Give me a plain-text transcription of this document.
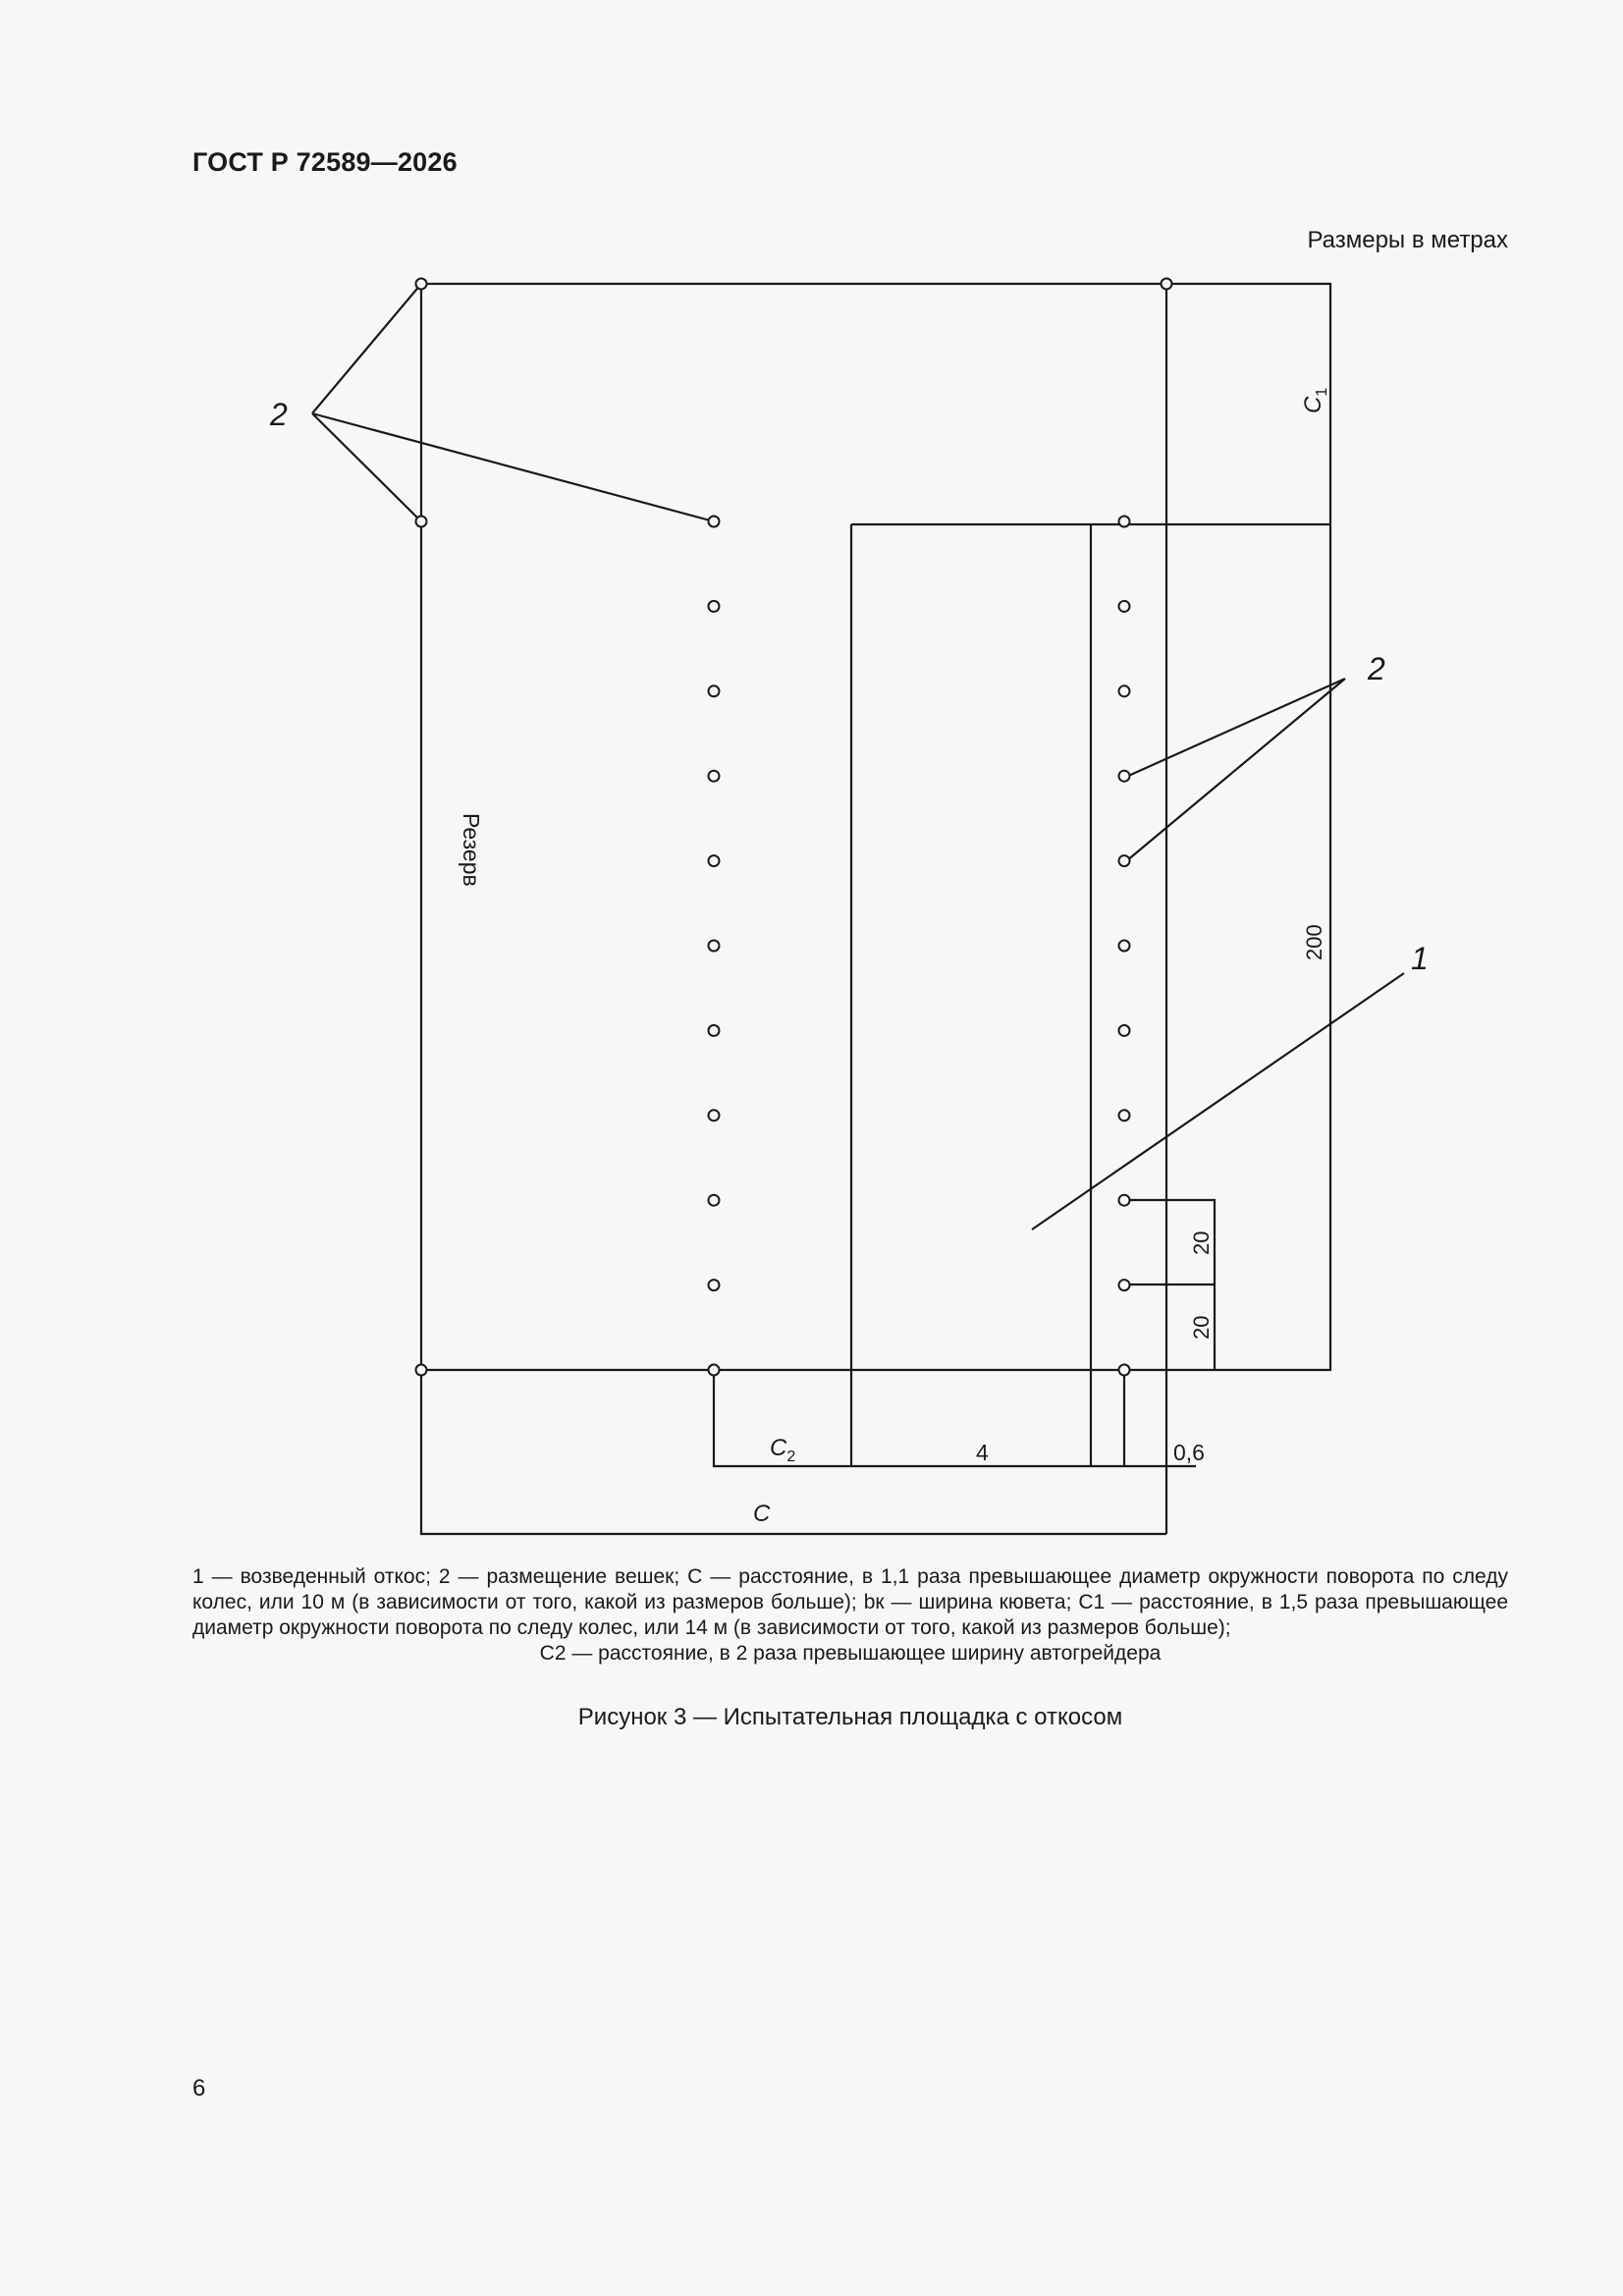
ГОСТ Р 72589—2026
Размеры в метрах
2
2
1
Резерв
$C_1$
200
20
20
$C_2$	4	0,6
C
1 — возведенный откос; 2 — размещение вешек; C — расстояние, в 1,1 раза превышающее диаметр окружности поворота по следу колес, или 10 м (в зависимости от того, какой из размеров больше); bк — ширина кювета; C1 — расстояние, в 1,5 раза превышающее диаметр окружности поворота по следу колес, или 14 м (в зависимости от того, какой из размеров больше);
C2 — расстояние, в 2 раза превышающее ширину автогрейдера
Рисунок 3 — Испытательная площадка с откосом
6
